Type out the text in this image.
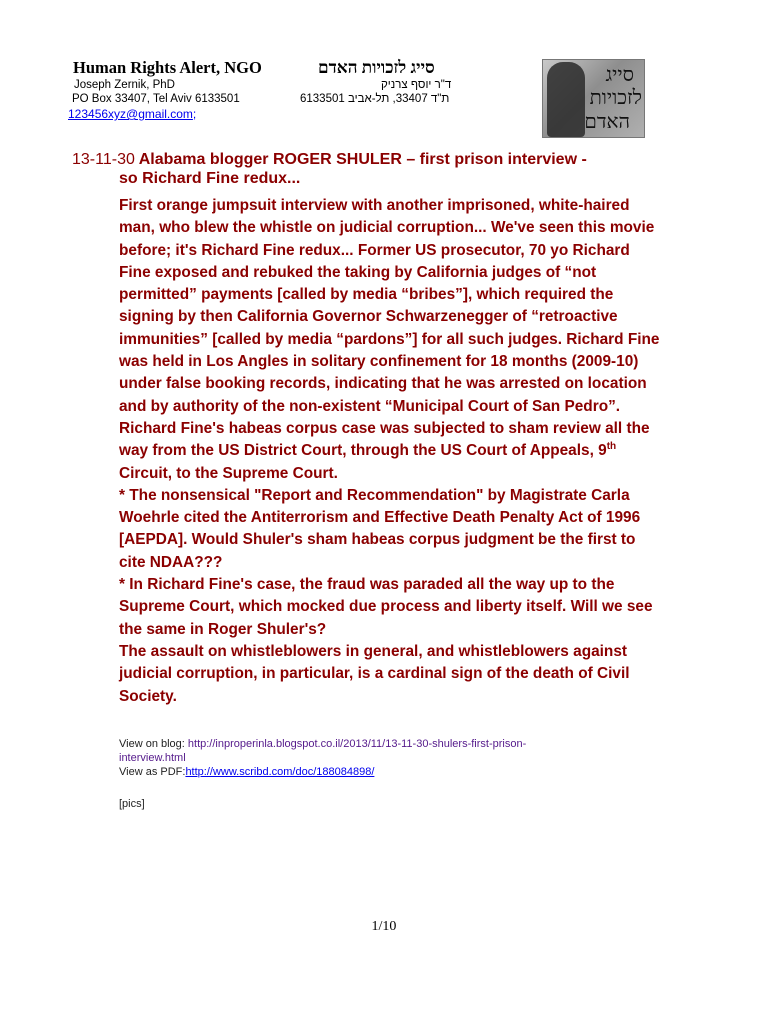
Human Rights Alert, NGO	סייג לזכויות האדם
Joseph Zernik, PhD	ד"ר יוסף צרניק
PO Box 33407, Tel Aviv 6133501	ת"ד 33407, תל-אביב 6133501
123456xyz@gmail.com;
סייג
לזכויות
האדם
13-11-30 Alabama blogger ROGER SHULER – first prison interview -
so Richard Fine redux...

First orange jumpsuit interview with another imprisoned, white-haired man, who blew the whistle on judicial corruption... We've seen this movie before; it's Richard Fine redux... Former US prosecutor, 70 yo Richard Fine exposed and rebuked the taking by California judges of “not permitted” payments [called by media “bribes”], which required the signing by then California Governor Schwarzenegger of “retroactive immunities” [called by media “pardons”] for all such judges. Richard Fine was held in Los Angles in solitary confinement for 18 months (2009-10) under false booking records, indicating that he was arrested on location and by authority of the non-existent “Municipal Court of San Pedro”. Richard Fine's habeas corpus case was subjected to sham review all the way from the US District Court, through the US Court of Appeals, 9th Circuit, to the Supreme Court.

* The nonsensical "Report and Recommendation" by Magistrate Carla Woehrle cited the Antiterrorism and Effective Death Penalty Act of 1996 [AEPDA]. Would Shuler's sham habeas corpus judgment be the first to cite NDAA???

* In Richard Fine's case, the fraud was paraded all the way up to the Supreme Court, which mocked due process and liberty itself. Will we see the same in Roger Shuler's?

The assault on whistleblowers in general, and whistleblowers against judicial corruption, in particular, is a cardinal sign of the death of Civil Society.

View on blog: http://inproperinla.blogspot.co.il/2013/11/13-11-30-shulers-first-prison-interview.html

View as PDF:http://www.scribd.com/doc/188084898/

[pics]
1/10
